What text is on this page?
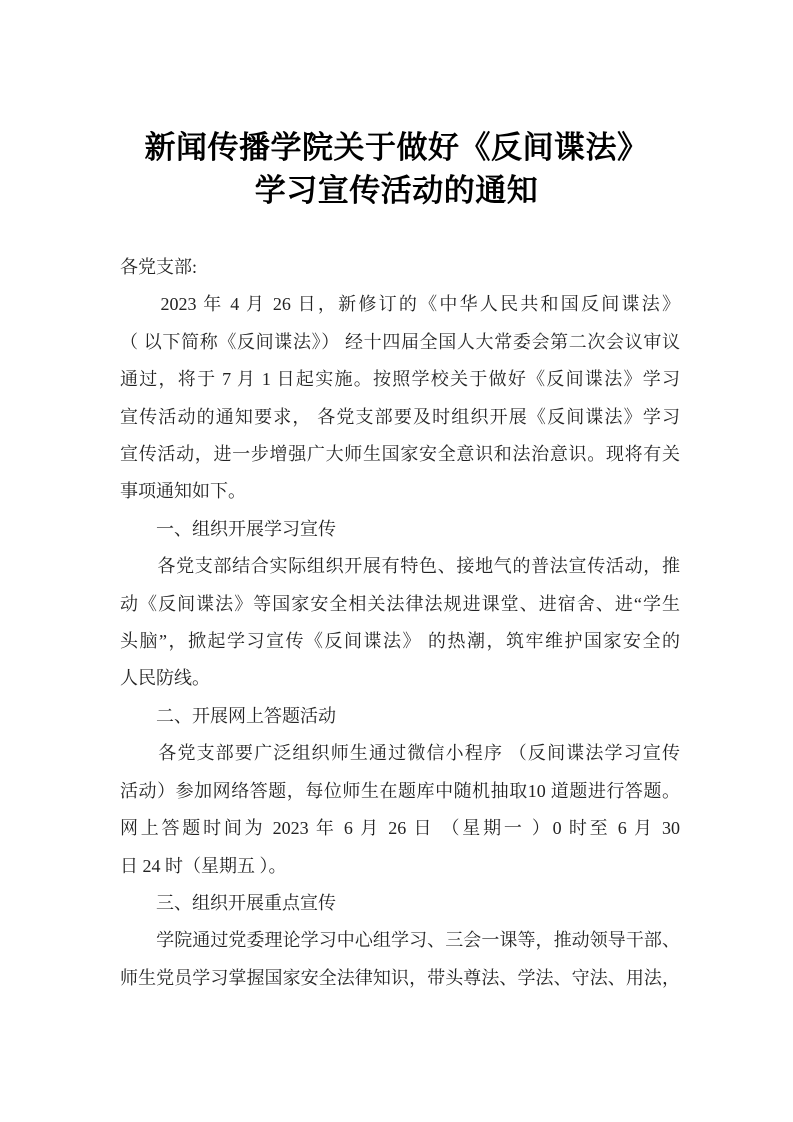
新闻传播学院关于做好《反间谍法》
学习宣传活动的通知
各党支部:
　　2023 年 4 月 26 日，新修订的《中华人民共和国反间谍法》
（ 以下简称《反间谍法》） 经十四届全国人大常委会第二次会议审议
通过，将于 7 月 1 日起实施。按照学校关于做好《反间谍法》学习
宣传活动的通知要求， 各党支部要及时组织开展《反间谍法》学习
宣传活动，进一步增强广大师生国家安全意识和法治意识。现将有关
事项通知如下。
　　一、组织开展学习宣传
　　各党支部结合实际组织开展有特色、接地气的普法宣传活动，推
动《反间谍法》等国家安全相关法律法规进课堂、进宿舍、进“学生
头脑”，掀起学习宣传《反间谍法》 的热潮，筑牢维护国家安全的
人民防线。
　　二、开展网上答题活动
　　各党支部要广泛组织师生通过微信小程序 （反间谍法学习宣传
活动）参加网络答题，每位师生在题库中随机抽取10 道题进行答题。
网上答题时间为 2023 年 6 月 26 日 （星期一 ）0 时至 6 月 30
日 24 时（星期五 ）。
　　三、组织开展重点宣传
　　学院通过党委理论学习中心组学习、三会一课等，推动领导干部、
师生党员学习掌握国家安全法律知识，带头尊法、学法、守法、用法，
